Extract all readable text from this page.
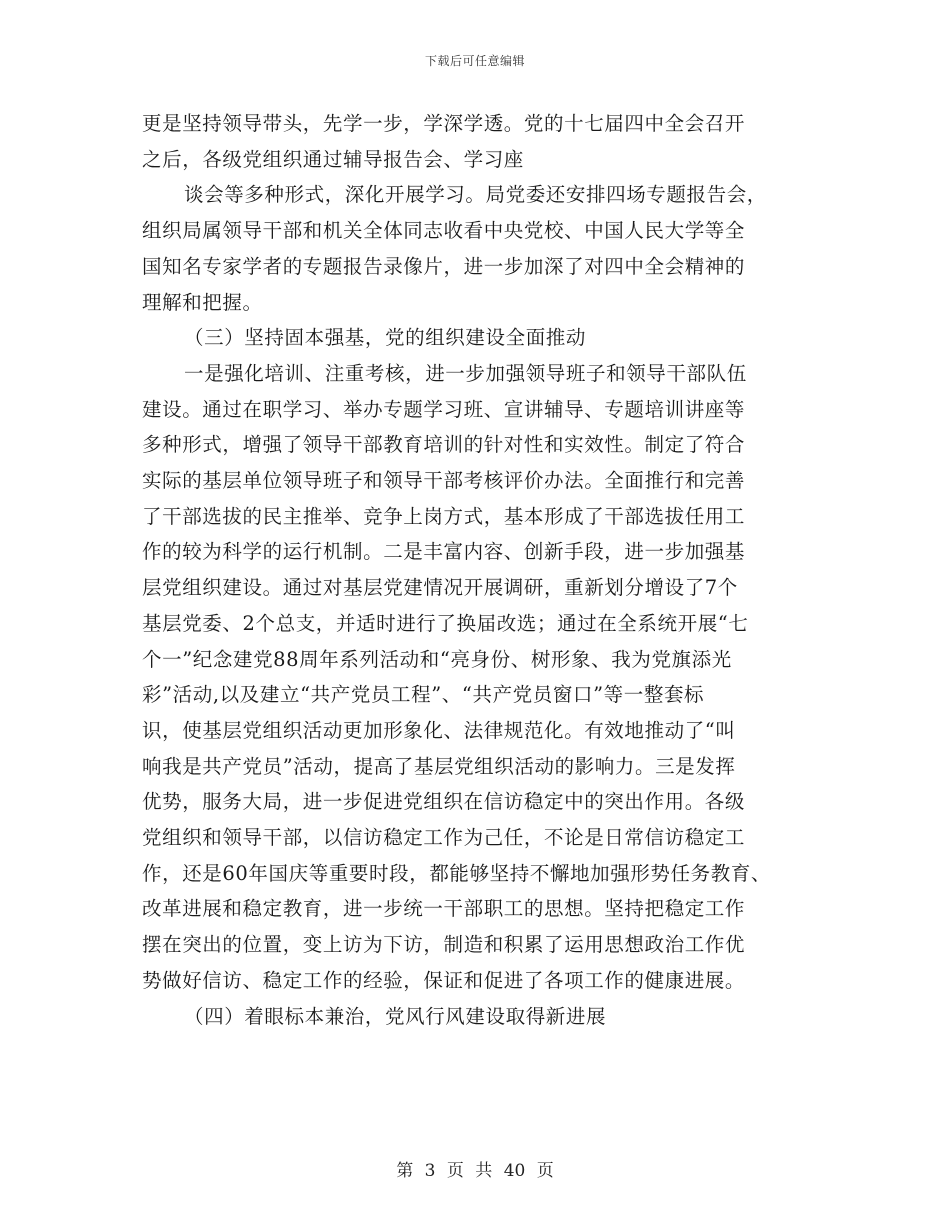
下载后可任意编辑
更是坚持领导带头，先学一步，学深学透。党的十七届四中全会召开
之后，各级党组织通过辅导报告会、学习座
谈会等多种形式，深化开展学习。局党委还安排四场专题报告会，
组织局属领导干部和机关全体同志收看中央党校、中国人民大学等全
国知名专家学者的专题报告录像片，进一步加深了对四中全会精神的
理解和把握。
（三）坚持固本强基，党的组织建设全面推动
一是强化培训、注重考核，进一步加强领导班子和领导干部队伍
建设。通过在职学习、举办专题学习班、宣讲辅导、专题培训讲座等
多种形式，增强了领导干部教育培训的针对性和实效性。制定了符合
实际的基层单位领导班子和领导干部考核评价办法。全面推行和完善
了干部选拔的民主推举、竞争上岗方式，基本形成了干部选拔任用工
作的较为科学的运行机制。二是丰富内容、创新手段，进一步加强基
层党组织建设。通过对基层党建情况开展调研，重新划分增设了7个
基层党委、2个总支，并适时进行了换届改选；通过在全系统开展“七
个一”纪念建党88周年系列活动和“亮身份、树形象、我为党旗添光
彩”活动,以及建立“共产党员工程”、“共产党员窗口”等一整套标
识，使基层党组织活动更加形象化、法律规范化。有效地推动了“叫
响我是共产党员”活动，提高了基层党组织活动的影响力。三是发挥
优势，服务大局，进一步促进党组织在信访稳定中的突出作用。各级
党组织和领导干部，以信访稳定工作为己任，不论是日常信访稳定工
作，还是60年国庆等重要时段，都能够坚持不懈地加强形势任务教育、
改革进展和稳定教育，进一步统一干部职工的思想。坚持把稳定工作
摆在突出的位置，变上访为下访，制造和积累了运用思想政治工作优
势做好信访、稳定工作的经验，保证和促进了各项工作的健康进展。
（四）着眼标本兼治，党风行风建设取得新进展
第 3 页 共 40 页
